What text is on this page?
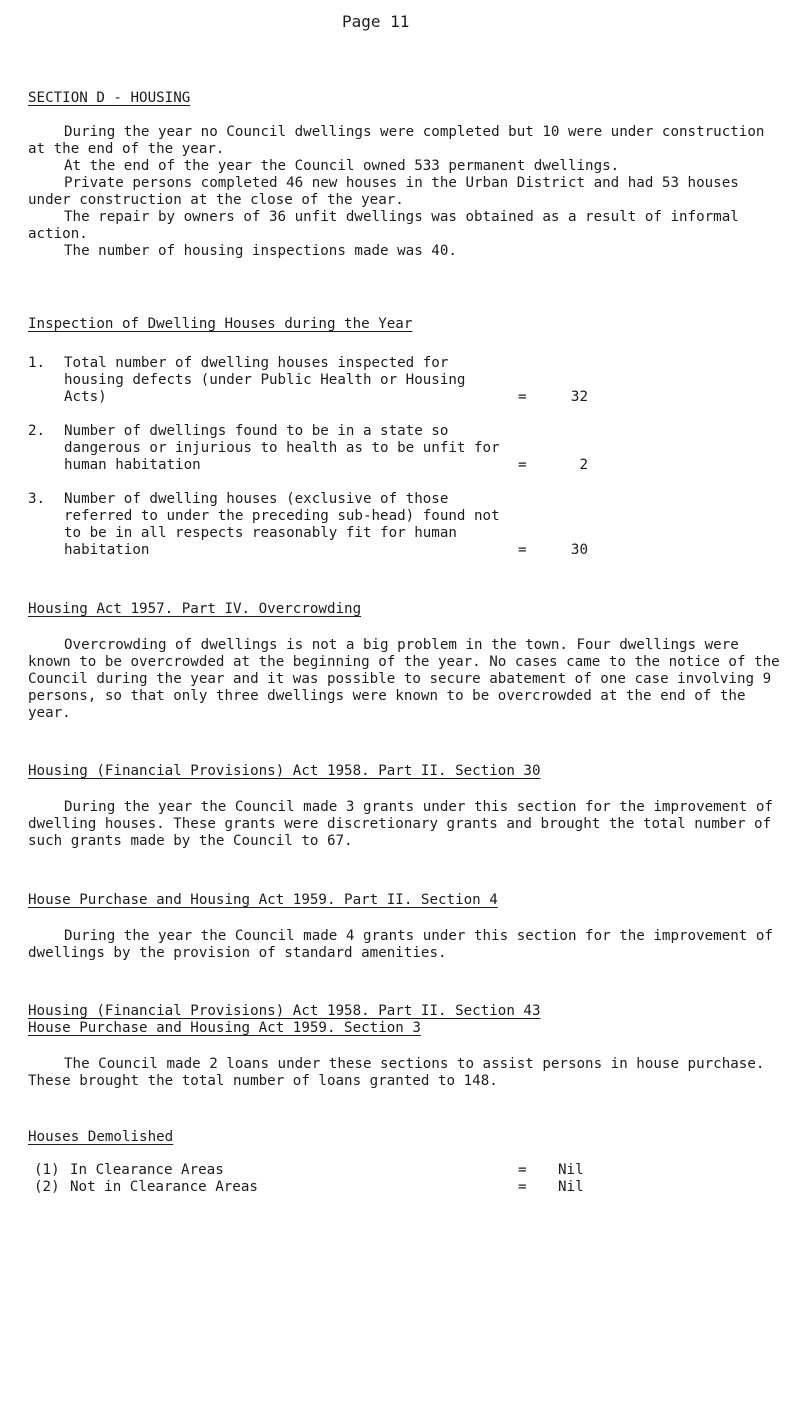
Page 11
SECTION D - HOUSING

During the year no Council dwellings were completed but 10 were under construction at the end of the year.

At the end of the year the Council owned 533 permanent dwellings.

Private persons completed 46 new houses in the Urban District and had 53 houses under construction at the close of the year.

The repair by owners of 36 unfit dwellings was obtained as a result of informal action.

The number of housing inspections made was 40.

Inspection of Dwelling Houses during the Year
1. Total number of dwelling houses inspected for housing defects (under Public Health or Housing Acts)	=	32
2. Number of dwellings found to be in a state so dangerous or injurious to health as to be unfit for human habitation	=	2
3. Number of dwelling houses (exclusive of those referred to under the preceding sub-head) found not to be in all respects reasonably fit for human habitation	=	30
Housing Act 1957. Part IV. Overcrowding

Overcrowding of dwellings is not a big problem in the town. Four dwellings were known to be overcrowded at the beginning of the year. No cases came to the notice of the Council during the year and it was possible to secure abatement of one case involving 9 persons, so that only three dwellings were known to be overcrowded at the end of the year.

Housing (Financial Provisions) Act 1958. Part II. Section 30

During the year the Council made 3 grants under this section for the improvement of dwelling houses. These grants were discretionary grants and brought the total number of such grants made by the Council to 67.

House Purchase and Housing Act 1959. Part II. Section 4

During the year the Council made 4 grants under this section for the improvement of dwellings by the provision of standard amenities.

Housing (Financial Provisions) Act 1958. Part II. Section 43
House Purchase and Housing Act 1959. Section 3

The Council made 2 loans under these sections to assist persons in house purchase. These brought the total number of loans granted to 148.

Houses Demolished
(1) In Clearance Areas	= Nil
(2) Not in Clearance Areas	= Nil
